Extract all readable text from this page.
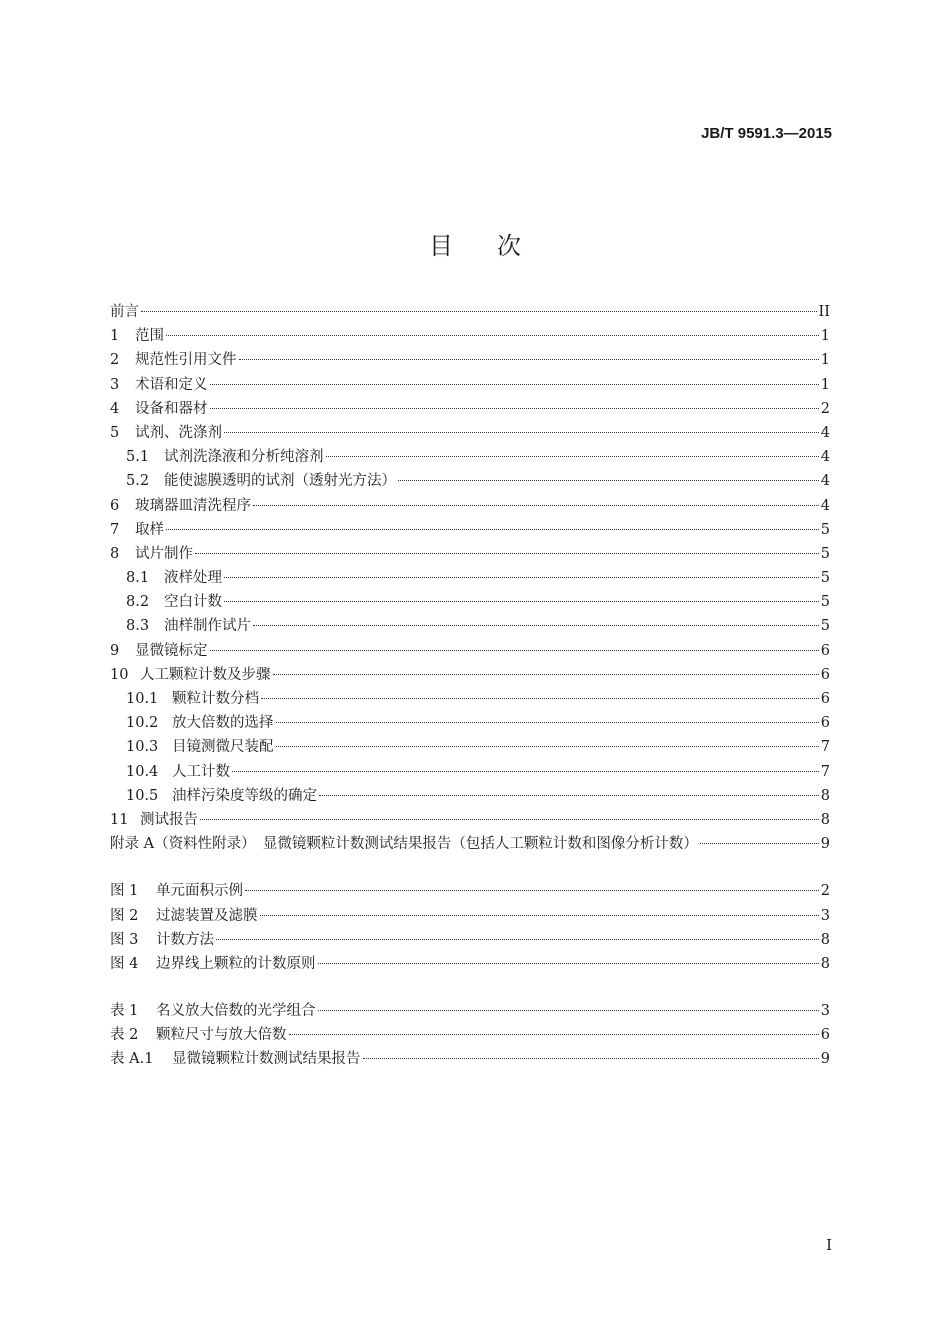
JB/T 9591.3—2015
目次
前言	II
1	范围	1
2	规范性引用文件	1
3	术语和定义	1
4	设备和器材	2
5	试剂、洗涤剂	4
5.1	试剂洗涤液和分析纯溶剂	4
5.2	能使滤膜透明的试剂（透射光方法）	4
6	玻璃器皿清洗程序	4
7	取样	5
8	试片制作	5
8.1	液样处理	5
8.2	空白计数	5
8.3	油样制作试片	5
9	显微镜标定	6
10 人工颗粒计数及步骤	6
10.1 颗粒计数分档	6
10.2 放大倍数的选择	6
10.3 目镜测微尺装配	7
10.4 人工计数	7
10.5 油样污染度等级的确定	8
11 测试报告	8
附录 A（资料性附录）　显微镜颗粒计数测试结果报告（包括人工颗粒计数和图像分析计数）	9
图 1	单元面积示例	2
图 2	过滤装置及滤膜	3
图 3	计数方法	8
图 4	边界线上颗粒的计数原则	8
表 1	名义放大倍数的光学组合	3
表 2	颗粒尺寸与放大倍数	6
表 A.1	显微镜颗粒计数测试结果报告	9
I
